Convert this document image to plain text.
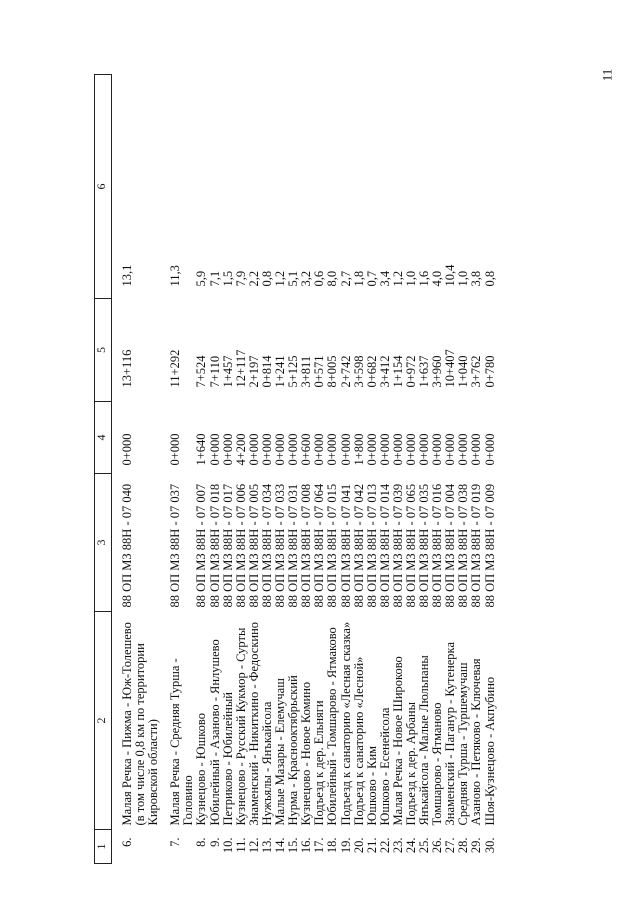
11
1	2	3	4	5	6

6.	Малая Речка - Пижма - Юж-Толешево (в том числе 0,8 км по территории Кировской области)	88 ОП МЗ 88Н - 07 040	0+000	13+116	13,1

7.	Малая Речка - Средняя Турша - Головино	88 ОП МЗ 88Н - 07 037	0+000	11+292	11,3
8.	Кузнецово - Юшково	88 ОП МЗ 88Н - 07 007	1+640	7+524	5,9
9.	Юбилейный - Азаново - Янлушево	88 ОП МЗ 88Н - 07 018	0+000	7+110	7,1
10.	Петриково - Юбилейный	88 ОП МЗ 88Н - 07 017	0+000	1+457	1,5
11.	Кузнецово - Русский Кукмор - Сурты	88 ОП МЗ 88Н - 07 006	4+200	12+117	7,9
12.	Знаменский - Никиткино - Федоскино	88 ОП МЗ 88Н - 07 005	0+000	2+197	2,2
13.	Нужъялы - Янъкайсола	88 ОП МЗ 88Н - 07 034	0+000	0+814	0,8
14.	Малые Мазары - Елемучаш	88 ОП МЗ 88Н - 07 033	0+000	1+241	1,2
15.	Нурма - Краснооктябрьский	88 ОП МЗ 88Н - 07 031	0+000	5+125	5,1
16.	Кузнецово - Новое Комино	88 ОП МЗ 88Н - 07 008	0+600	3+811	3,2
17.	Подъезд к дер. Ельняги	88 ОП МЗ 88Н - 07 064	0+000	0+571	0,6
18.	Юбилейный - Томшарово - Ятмаково	88 ОП МЗ 88Н - 07 015	0+000	8+005	8,0
19.	Подъезд к санаторию «Лесная сказка»	88 ОП МЗ 88Н - 07 041	0+000	2+742	2,7
20.	Подъезд к санаторию «Лесной»	88 ОП МЗ 88Н - 07 042	1+800	3+598	1,8
21.	Юшково - Ким	88 ОП МЗ 88Н - 07 013	0+000	0+682	0,7
22.	Юшково - Есенейсола	88 ОП МЗ 88Н - 07 014	0+000	3+412	3,4
23.	Малая Речка - Новое Широково	88 ОП МЗ 88Н - 07 039	0+000	1+154	1,2
24.	Подъезд к дер. Арбаны	88 ОП МЗ 88Н - 07 065	0+000	0+972	1,0
25.	Янъкайсола - Малые Люльпаны	88 ОП МЗ 88Н - 07 035	0+000	1+637	1,6
26.	Томшарово - Ятманово	88 ОП МЗ 88Н - 07 016	0+000	3+960	4,0
27.	Знаменский - Пагануp - Кутенерка	88 ОП МЗ 88Н - 07 004	0+000	10+407	10,4
28.	Средняя Турша - Туршемучаш	88 ОП МЗ 88Н - 07 038	0+000	1+040	1,0
29.	Азаново - Петяково - Ключевая	88 ОП МЗ 88Н - 07 019	0+000	3+762	3,8
30.	Шоя-Кузнецово - Акпубино	88 ОП МЗ 88Н - 07 009	0+000	0+780	0,8
